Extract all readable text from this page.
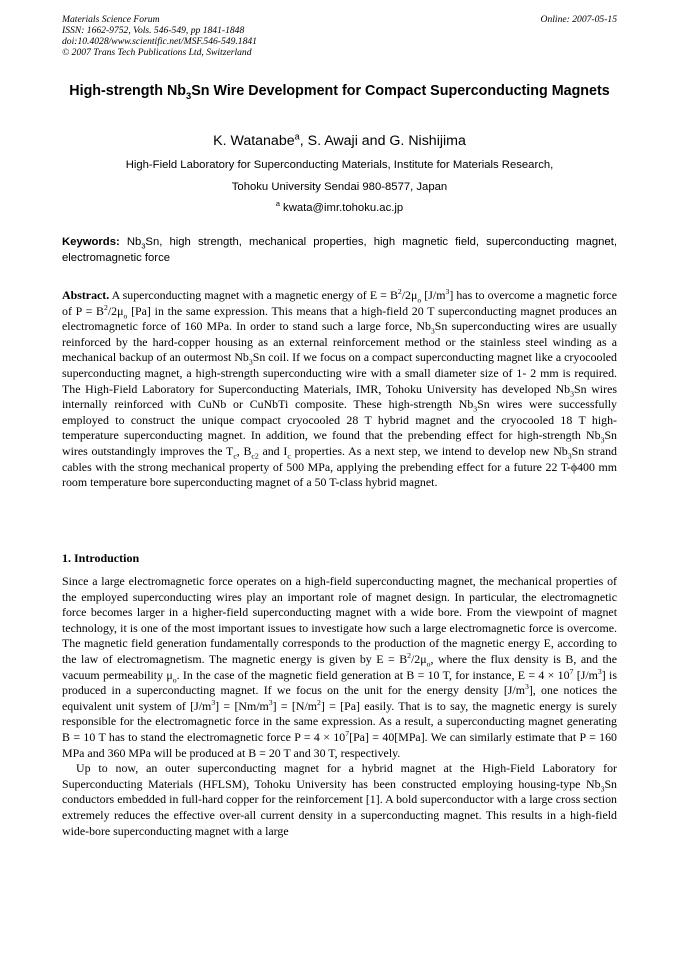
Materials Science Forum	Online: 2007-05-15
ISSN: 1662-9752, Vols. 546-549, pp 1841-1848
doi:10.4028/www.scientific.net/MSF.546-549.1841
© 2007 Trans Tech Publications Ltd, Switzerland
High-strength $Nb_3Sn$ Wire Development for Compact Superconducting Magnets
K. Watanabe$^a$, S. Awaji and G. Nishijima
High-Field Laboratory for Superconducting Materials, Institute for Materials Research,
Tohoku University Sendai 980-8577, Japan
$^a$ kwata@imr.tohoku.ac.jp
Keywords: $Nb_3Sn$, high strength, mechanical properties, high magnetic field, superconducting magnet, electromagnetic force
Abstract. A superconducting magnet with a magnetic energy of $E = B^2/2\mu_o$ $[J/m^3]$ has to overcome a magnetic force of $P = B^2/2\mu_o$ [Pa] in the same expression. This means that a high-field 20 T superconducting magnet produces an electromagnetic force of 160 MPa. In order to stand such a large force, $Nb_3Sn$ superconducting wires are usually reinforced by the hard-copper housing as an external reinforcement method or the stainless steel winding as a mechanical backup of an outermost $Nb_3Sn$ coil. If we focus on a compact superconducting magnet like a cryocooled superconducting magnet, a high-strength superconducting wire with a small diameter size of 1- 2 mm is required. The High-Field Laboratory for Superconducting Materials, IMR, Tohoku University has developed $Nb_3Sn$ wires internally reinforced with CuNb or CuNbTi composite. These high-strength $Nb_3Sn$ wires were successfully employed to construct the unique compact cryocooled 28 T hybrid magnet and the cryocooled 18 T high-temperature superconducting magnet. In addition, we found that the prebending effect for high-strength $Nb_3Sn$ wires outstandingly improves the $T_c$, $B_{c2}$ and $I_c$ properties. As a next step, we intend to develop new $Nb_3Sn$ strand cables with the strong mechanical property of 500 MPa, applying the prebending effect for a future 22 T-ϕ400 mm room temperature bore superconducting magnet of a 50 T-class hybrid magnet.
1. Introduction

Since a large electromagnetic force operates on a high-field superconducting magnet, the mechanical properties of the employed superconducting wires play an important role of magnet design. In particular, the electromagnetic force becomes larger in a higher-field superconducting magnet with a wide bore. From the viewpoint of magnet technology, it is one of the most important issues to investigate how such a large electromagnetic force is overcome. The magnetic field generation fundamentally corresponds to the production of the magnetic energy E, according to the law of electromagnetism. The magnetic energy is given by $E = B^2/2\mu_o$, where the flux density is B, and the vacuum permeability $\mu_o$. In the case of the magnetic field generation at B = 10 T, for instance, $E = 4 \times 10^7$ $[J/m^3]$ is produced in a superconducting magnet. If we focus on the unit for the energy density $[J/m^3]$, one notices the equivalent unit system of $[J/m^3] = [Nm/m^3] = [N/m^2] = [Pa]$ easily. That is to say, the magnetic energy is surely responsible for the electromagnetic force in the same expression. As a result, a superconducting magnet generating B = 10 T has to stand the electromagnetic force $P = 4 \times 10^7[Pa] = 40[MPa]$. We can similarly estimate that P = 160 MPa and 360 MPa will be produced at B = 20 T and 30 T, respectively.

Up to now, an outer superconducting magnet for a hybrid magnet at the High-Field Laboratory for Superconducting Materials (HFLSM), Tohoku University has been constructed employing housing-type $Nb_3Sn$ conductors embedded in full-hard copper for the reinforcement [1]. A bold superconductor with a large cross section extremely reduces the effective over-all current density in a superconducting magnet. This results in a high-field wide-bore superconducting magnet with a large
